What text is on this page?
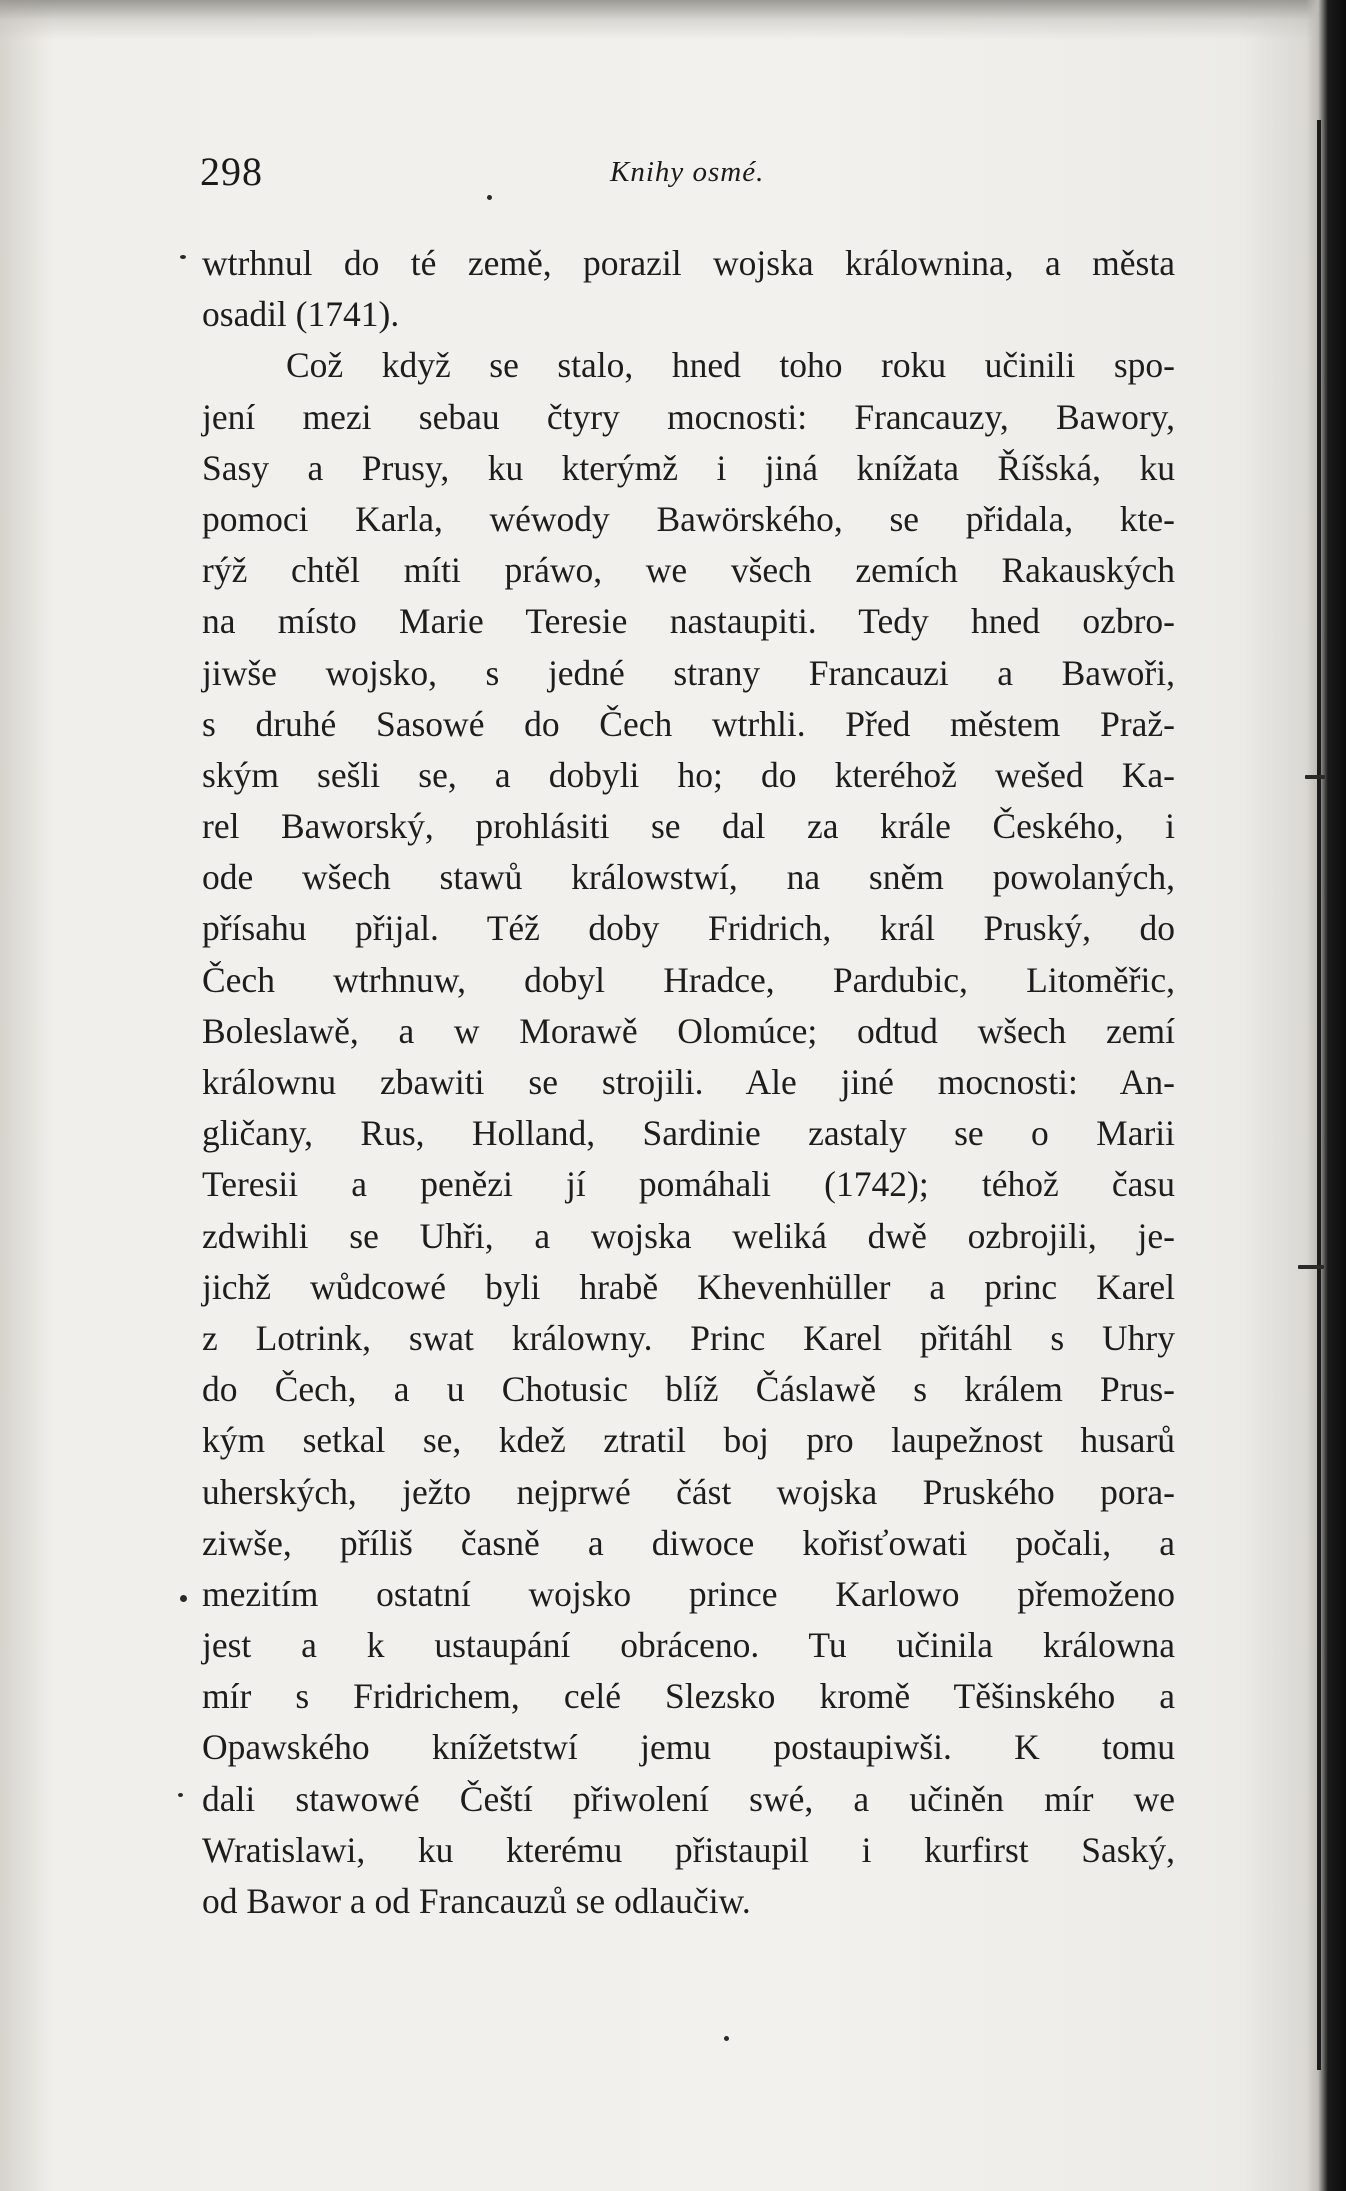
298	Knihy osmé.
wtrhnul do té země, porazil wojska králownina, a města
osadil (1741).
Což když se stalo, hned toho roku učinili spo-
jení mezi sebau čtyry mocnosti: Francauzy, Bawory,
Sasy a Prusy, ku kterýmž i jiná knížata Říšská, ku
pomoci Karla, wéwody Bawörského, se přidala, kte-
rýž chtěl míti práwo, we všech zemích Rakauských
na místo Marie Teresie nastaupiti. Tedy hned ozbro-
jiwše wojsko, s jedné strany Francauzi a Bawoři,
s druhé Sasowé do Čech wtrhli. Před městem Praž-
ským sešli se, a dobyli ho; do kteréhož wešed Ka-
rel Baworský, prohlásiti se dal za krále Českého, i
ode wšech stawů králowstwí, na sněm powolaných,
přísahu přijal. Též doby Fridrich, král Pruský, do
Čech wtrhnuw, dobyl Hradce, Pardubic, Litoměřic,
Boleslawě, a w Morawě Olomúce; odtud wšech zemí
králownu zbawiti se strojili. Ale jiné mocnosti: An-
gličany, Rus, Holland, Sardinie zastaly se o Marii
Teresii a penězi jí pomáhali (1742); téhož času
zdwihli se Uhři, a wojska weliká dwě ozbrojili, je-
jichž wůdcowé byli hrabě Khevenhüller a princ Karel
z Lotrink, swat králowny. Princ Karel přitáhl s Uhry
do Čech, a u Chotusic blíž Čáslawě s králem Prus-
kým setkal se, kdež ztratil boj pro laupežnost husarů
uherských, ježto nejprwé část wojska Pruského pora-
ziwše, příliš časně a diwoce kořisťowati počali, a
mezitím ostatní wojsko prince Karlowo přemoženo
jest a k ustaupání obráceno. Tu učinila králowna
mír s Fridrichem, celé Slezsko kromě Těšinského a
Opawského knížetstwí jemu postaupiwši. K tomu
dali stawowé Čeští přiwolení swé, a učiněn mír we
Wratislawi, ku kterému přistaupil i kurfirst Saský,
od Bawor a od Francauzů se odlaučiw.
